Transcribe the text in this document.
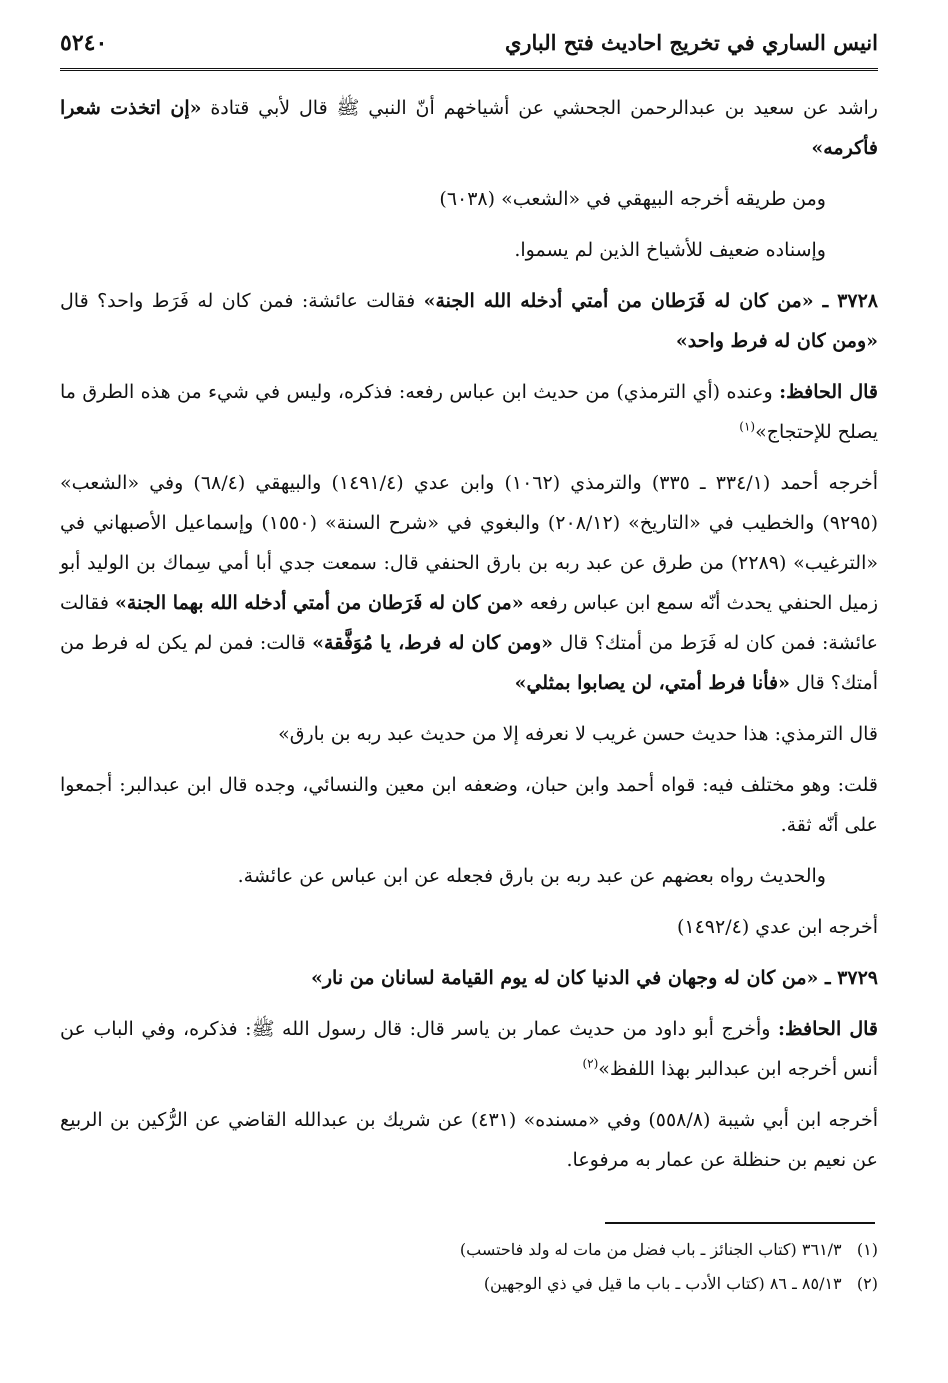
انيس الساري في تخريج احاديث فتح الباري
٥٢٤٠

راشد عن سعيد بن عبدالرحمن الجحشي عن أشياخهم أنّ النبي ﷺ قال لأبي قتادة «إن اتخذت شعرا فأكرمه»

ومن طريقه أخرجه البيهقي في «الشعب» (٦٠٣٨)

وإسناده ضعيف للأشياخ الذين لم يسموا.

٣٧٢٨ ـ «من كان له فَرَطان من أمتي أدخله الله الجنة» فقالت عائشة: فمن كان له فَرَط واحد؟ قال «ومن كان له فرط واحد»

قال الحافظ: وعنده (أي الترمذي) من حديث ابن عباس رفعه: فذكره، وليس في شيء من هذه الطرق ما يصلح للإحتجاج»$^{(١)}$

أخرجه أحمد (٣٣٤/١ ـ ٣٣٥) والترمذي (١٠٦٢) وابن عدي (١٤٩١/٤) والبيهقي (٦٨/٤) وفي «الشعب» (٩٢٩٥) والخطيب في «التاريخ» (٢٠٨/١٢) والبغوي في «شرح السنة» (١٥٥٠) وإسماعيل الأصبهاني في «الترغيب» (٢٢٨٩) من طرق عن عبد ربه بن بارق الحنفي قال: سمعت جدي أبا أمي سِماك بن الوليد أبو زميل الحنفي يحدث أنّه سمع ابن عباس رفعه «من كان له فَرَطان من أمتي أدخله الله بهما الجنة» فقالت عائشة: فمن كان له فَرَط من أمتك؟ قال «ومن كان له فرط، يا مُوَفَّقة» قالت: فمن لم يكن له فرط من أمتك؟ قال «فأنا فرط أمتي، لن يصابوا بمثلي»

قال الترمذي: هذا حديث حسن غريب لا نعرفه إلا من حديث عبد ربه بن بارق»

قلت: وهو مختلف فيه: قواه أحمد وابن حبان، وضعفه ابن معين والنسائي، وجده قال ابن عبدالبر: أجمعوا على أنّه ثقة.

والحديث رواه بعضهم عن عبد ربه بن بارق فجعله عن ابن عباس عن عائشة.

أخرجه ابن عدي (١٤٩٢/٤)

٣٧٢٩ ـ «من كان له وجهان في الدنيا كان له يوم القيامة لسانان من نار»

قال الحافظ: وأخرج أبو داود من حديث عمار بن ياسر قال: قال رسول الله ﷺ: فذكره، وفي الباب عن أنس أخرجه ابن عبدالبر بهذا اللفظ»$^{(٢)}$

أخرجه ابن أبي شيبة (٥٥٨/٨) وفي «مسنده» (٤٣١) عن شريك بن عبدالله القاضي عن الرُّكين بن الربيع عن نعيم بن حنظلة عن عمار به مرفوعا.

(١)   ٣٦١/٣ (كتاب الجنائز ـ باب فضل من مات له ولد فاحتسب)

(٢)   ٨٥/١٣ ـ ٨٦ (كتاب الأدب ـ باب ما قيل في ذي الوجهين)
